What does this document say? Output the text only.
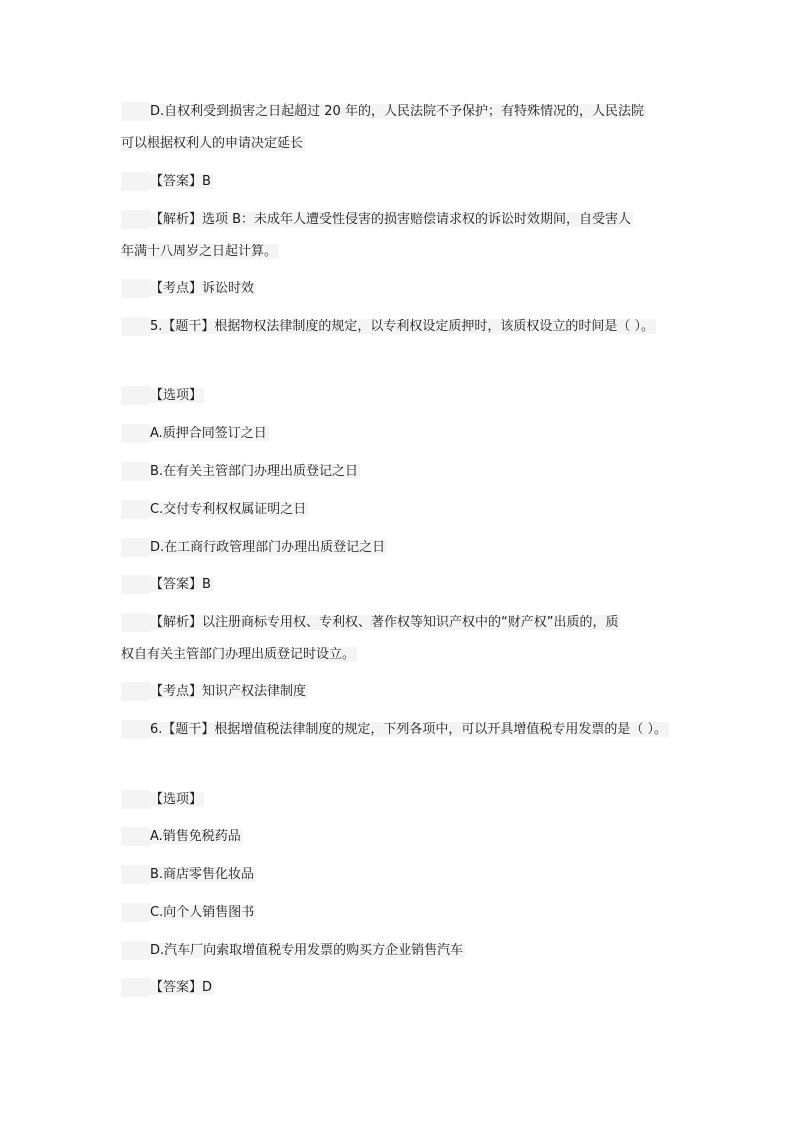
D.自权利受到损害之日起超过 20 年的，人民法院不予保护；有特殊情况的，人民法院
可以根据权利人的申请决定延长
【答案】B
【解析】选项 B：未成年人遭受性侵害的损害赔偿请求权的诉讼时效期间，自受害人
年满十八周岁之日起计算。
【考点】诉讼时效
5.【题干】根据物权法律制度的规定，以专利权设定质押时，该质权设立的时间是（ ）。
【选项】
A.质押合同签订之日
B.在有关主管部门办理出质登记之日
C.交付专利权权属证明之日
D.在工商行政管理部门办理出质登记之日
【答案】B
【解析】以注册商标专用权、专利权、著作权等知识产权中的“财产权”出质的，质
权自有关主管部门办理出质登记时设立。
【考点】知识产权法律制度
6.【题干】根据增值税法律制度的规定，下列各项中，可以开具增值税专用发票的是（ ）。
【选项】
A.销售免税药品
B.商店零售化妆品
C.向个人销售图书
D.汽车厂向索取增值税专用发票的购买方企业销售汽车
【答案】D
